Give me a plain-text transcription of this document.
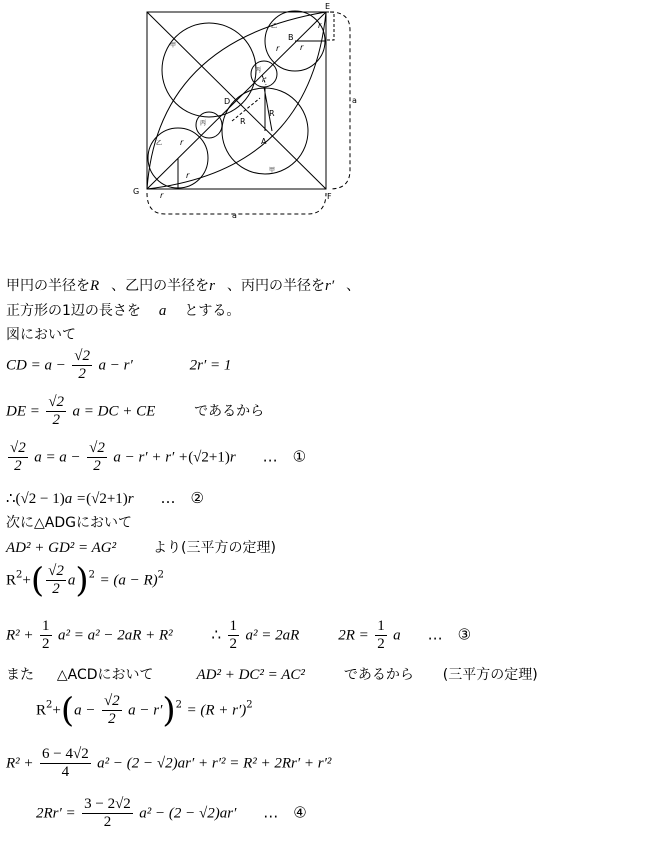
E
G
F
D
A
B
R
R
a
a
甲
甲
乙
乙
丙
丙
r	r
r
r'
r
r
r
甲円の半径をR 、乙円の半径をr 、丙円の半径をr′ 、
正方形の1辺の長さを a とする。
図において
CD = $a - \frac{√2}{2}$ a − r′	2r′ = 1
DE = $\frac{√2}{2}$ a = DC + CE	であるから
$\frac{√2}{2}$ $a = a - \frac{√2}{2}$ a − r′ + r′ +(√2+1)r …　①
∴(√2 − 1)a =(√2+1)r …　②
次に△ADGにおいて
AD² + GD² = AG²	より(三平方の定理)
$R^2+( \frac{√2}{2} a)^2 = (a - R)^2$
$R^2 + \frac{1}{2} a^2 = a^2 - 2aR + R^2$	∴ $\frac{1}{2} a^2 = 2aR$	$2R = \frac{1}{2}$ a …　③
また △ACDにおいて	AD² + DC² = AC²	であるから (三平方の定理)
$R^2+(a - \frac{√2}{2}$ $a - r')^2 = (R + r')^2$
$R^2 + \frac{6 - 4√2}{4} a^2 - (2 - √2)ar' + r'^2 = R^2 + 2Rr' + r'^2$
$2Rr' = \frac{3 - 2√2}{2} a^2 - (2 - √2)ar'$ …　④
